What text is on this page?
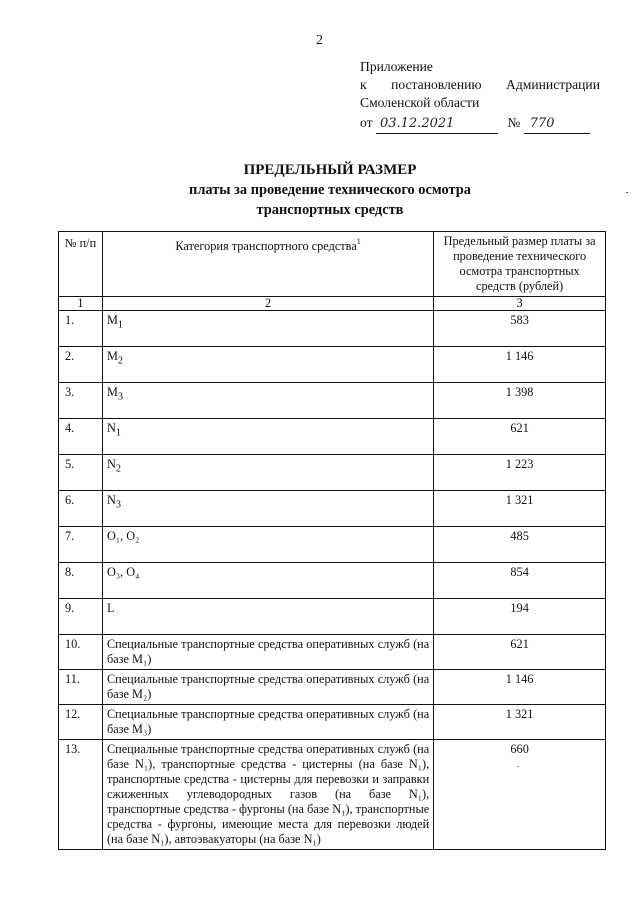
2
Приложение
к постановлению Администрации
Смоленской области
от 03.12.2021	№ 770
ПРЕДЕЛЬНЫЙ РАЗМЕР
платы за проведение технического осмотра
транспортных средств
№ п/п	Категория транспортного средства$^1$	Предельный размер платы за проведение технического осмотра транспортных средств (рублей)
1	2	3
1.	$M_1$	583
2.	$M_2$	1 146
3.	$M_3$	1 398
4.	$N_1$	621
5.	$N_2$	1 223
6.	$N_3$	1 321
7.	O₁, O₂	485
8.	O₃, O₄	854
9.	L	194
10.	Специальные транспортные средства оперативных служб (на базе M₁)	621
11.	Специальные транспортные средства оперативных служб (на базе M₂)	1 146
12.	Специальные транспортные средства оперативных служб (на базе M₃)	1 321
13.	Специальные транспортные средства оперативных служб (на базе N₁), транспортные средства - цистерны (на базе N₁), транспортные средства - цистерны для перевозки и заправки сжиженных углеводородных газов (на базе N₁), транспортные средства - фургоны (на базе N₁), транспортные средства - фургоны, имеющие места для перевозки людей (на базе N₁), автоэвакуаторы (на базе N₁)	660
